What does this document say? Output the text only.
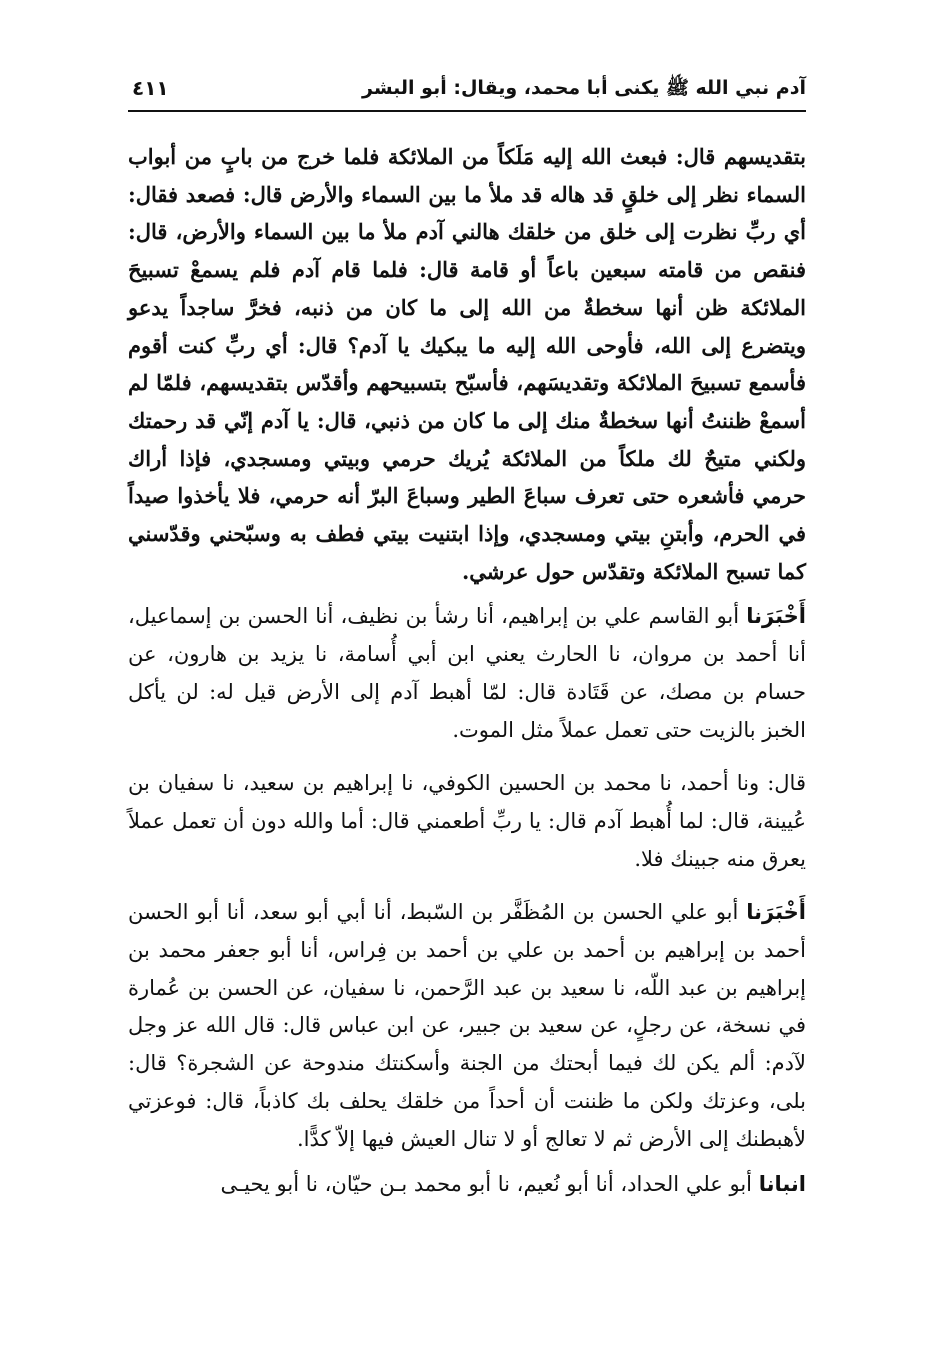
آدم نبي الله ﷺ يكنى أبا محمد، ويقال: أبو البشر
٤١١

بتقديسهم قال: فبعث الله إليه مَلَكاً من الملائكة فلما خرج من بابٍ من أبواب السماء نظر إلى خلقٍ قد هاله قد ملأ ما بين السماء والأرض قال: فصعد فقال: أي ربِّ نظرت إلى خلق من خلقك هالني آدم ملأ ما بين السماء والأرض، قال: فنقص من قامته سبعين باعاً أو قامة قال: فلما قام آدم فلم يسمعْ تسبيحَ الملائكة ظن أنها سخطةٌ من الله إلى ما كان من ذنبه، فخرَّ ساجداً يدعو ويتضرع إلى الله، فأوحى الله إليه ما يبكيك يا آدم؟ قال: أي ربِّ كنت أقوم فأسمع تسبيحَ الملائكة وتقديسَهم، فأسبّح بتسبيحهم وأقدّس بتقديسهم، فلمّا لم أسمعْ ظننتُ أنها سخطةٌ منك إلى ما كان من ذنبي، قال: يا آدم إنّي قد رحمتك ولكني متيحٌ لك ملكاً من الملائكة يُريك حرمي وبيتي ومسجدي، فإذا أراك حرمي فأشعره حتى تعرف سباعَ الطير وسباعَ البرّ أنه حرمي، فلا يأخذوا صيداً في الحرم، وأبتنِ بيتي ومسجدي، وإذا ابتنيت بيتي فطف به وسبّحني وقدّسني كما تسبح الملائكة وتقدّس حول عرشي.

أَخْبَرَنا أبو القاسم علي بن إبراهيم، أنا رشأ بن نظيف، أنا الحسن بن إسماعيل، أنا أحمد بن مروان، نا الحارث يعني ابن أبي أُسامة، نا يزيد بن هارون، عن حسام بن مصك، عن قَتَادة قال: لمّا أهبط آدم إلى الأرض قيل له: لن يأكل الخبز بالزيت حتى تعمل عملاً مثل الموت.

قال: ونا أحمد، نا محمد بن الحسين الكوفي، نا إبراهيم بن سعيد، نا سفيان بن عُيينة، قال: لما أُهبط آدم قال: يا ربِّ أطعمني قال: أما والله دون أن تعمل عملاً يعرق منه جبينك فلا.

أَخْبَرَنا أبو علي الحسن بن المُظَفَّر بن السّبط، أنا أبي أبو سعد، أنا أبو الحسن أحمد بن إبراهيم بن أحمد بن علي بن أحمد بن فِراس، أنا أبو جعفر محمد بن إبراهيم بن عبد اللّه، نا سعيد بن عبد الرَّحمن، نا سفيان، عن الحسن بن عُمارة في نسخة، عن رجلٍ، عن سعيد بن جبير، عن ابن عباس قال: قال الله عز وجل لآدم: ألم يكن لك فيما أبحتك من الجنة وأسكنتك مندوحة عن الشجرة؟ قال: بلى، وعزتك ولكن ما ظننت أن أحداً من خلقك يحلف بك كاذباً، قال: فوعزتي لأهبطنك إلى الأرض ثم لا تعالج أو لا تنال العيش فيها إلاّ كدًّا.

انبانا أبو علي الحداد، أنا أبو نُعيم، نا أبو محمد بـن حيّان، نا أبو يحيـى
